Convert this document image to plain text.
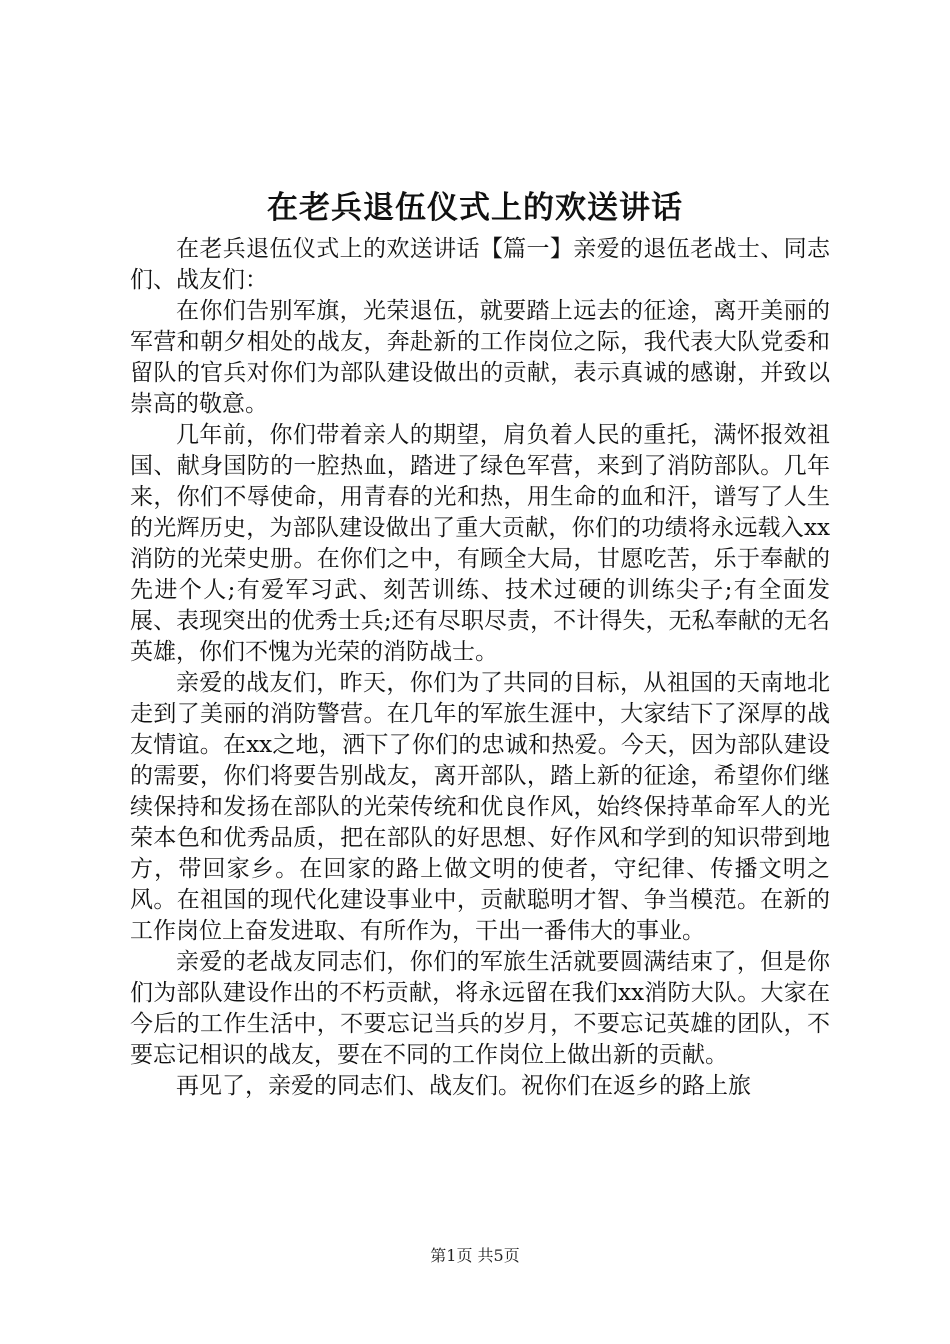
在老兵退伍仪式上的欢送讲话

在老兵退伍仪式上的欢送讲话【篇一】亲爱的退伍老战士、同志们、战友们：

在你们告别军旗，光荣退伍，就要踏上远去的征途，离开美丽的军营和朝夕相处的战友，奔赴新的工作岗位之际，我代表大队党委和留队的官兵对你们为部队建设做出的贡献，表示真诚的感谢，并致以崇高的敬意。

几年前，你们带着亲人的期望，肩负着人民的重托，满怀报效祖国、献身国防的一腔热血，踏进了绿色军营，来到了消防部队。几年来，你们不辱使命，用青春的光和热，用生命的血和汗，谱写了人生的光辉历史，为部队建设做出了重大贡献，你们的功绩将永远载入xx消防的光荣史册。在你们之中，有顾全大局，甘愿吃苦，乐于奉献的先进个人;有爱军习武、刻苦训练、技术过硬的训练尖子;有全面发展、表现突出的优秀士兵;还有尽职尽责，不计得失，无私奉献的无名英雄，你们不愧为光荣的消防战士。

亲爱的战友们，昨天，你们为了共同的目标，从祖国的天南地北走到了美丽的消防警营。在几年的军旅生涯中，大家结下了深厚的战友情谊。在xx之地，洒下了你们的忠诚和热爱。今天，因为部队建设的需要，你们将要告别战友，离开部队，踏上新的征途，希望你们继续保持和发扬在部队的光荣传统和优良作风，始终保持革命军人的光荣本色和优秀品质，把在部队的好思想、好作风和学到的知识带到地方，带回家乡。在回家的路上做文明的使者，守纪律、传播文明之风。在祖国的现代化建设事业中，贡献聪明才智、争当模范。在新的工作岗位上奋发进取、有所作为，干出一番伟大的事业。

亲爱的老战友同志们，你们的军旅生活就要圆满结束了，但是你们为部队建设作出的不朽贡献，将永远留在我们xx消防大队。大家在今后的工作生活中，不要忘记当兵的岁月，不要忘记英雄的团队，不要忘记相识的战友，要在不同的工作岗位上做出新的贡献。

再见了，亲爱的同志们、战友们。祝你们在返乡的路上旅

第1页 共5页
